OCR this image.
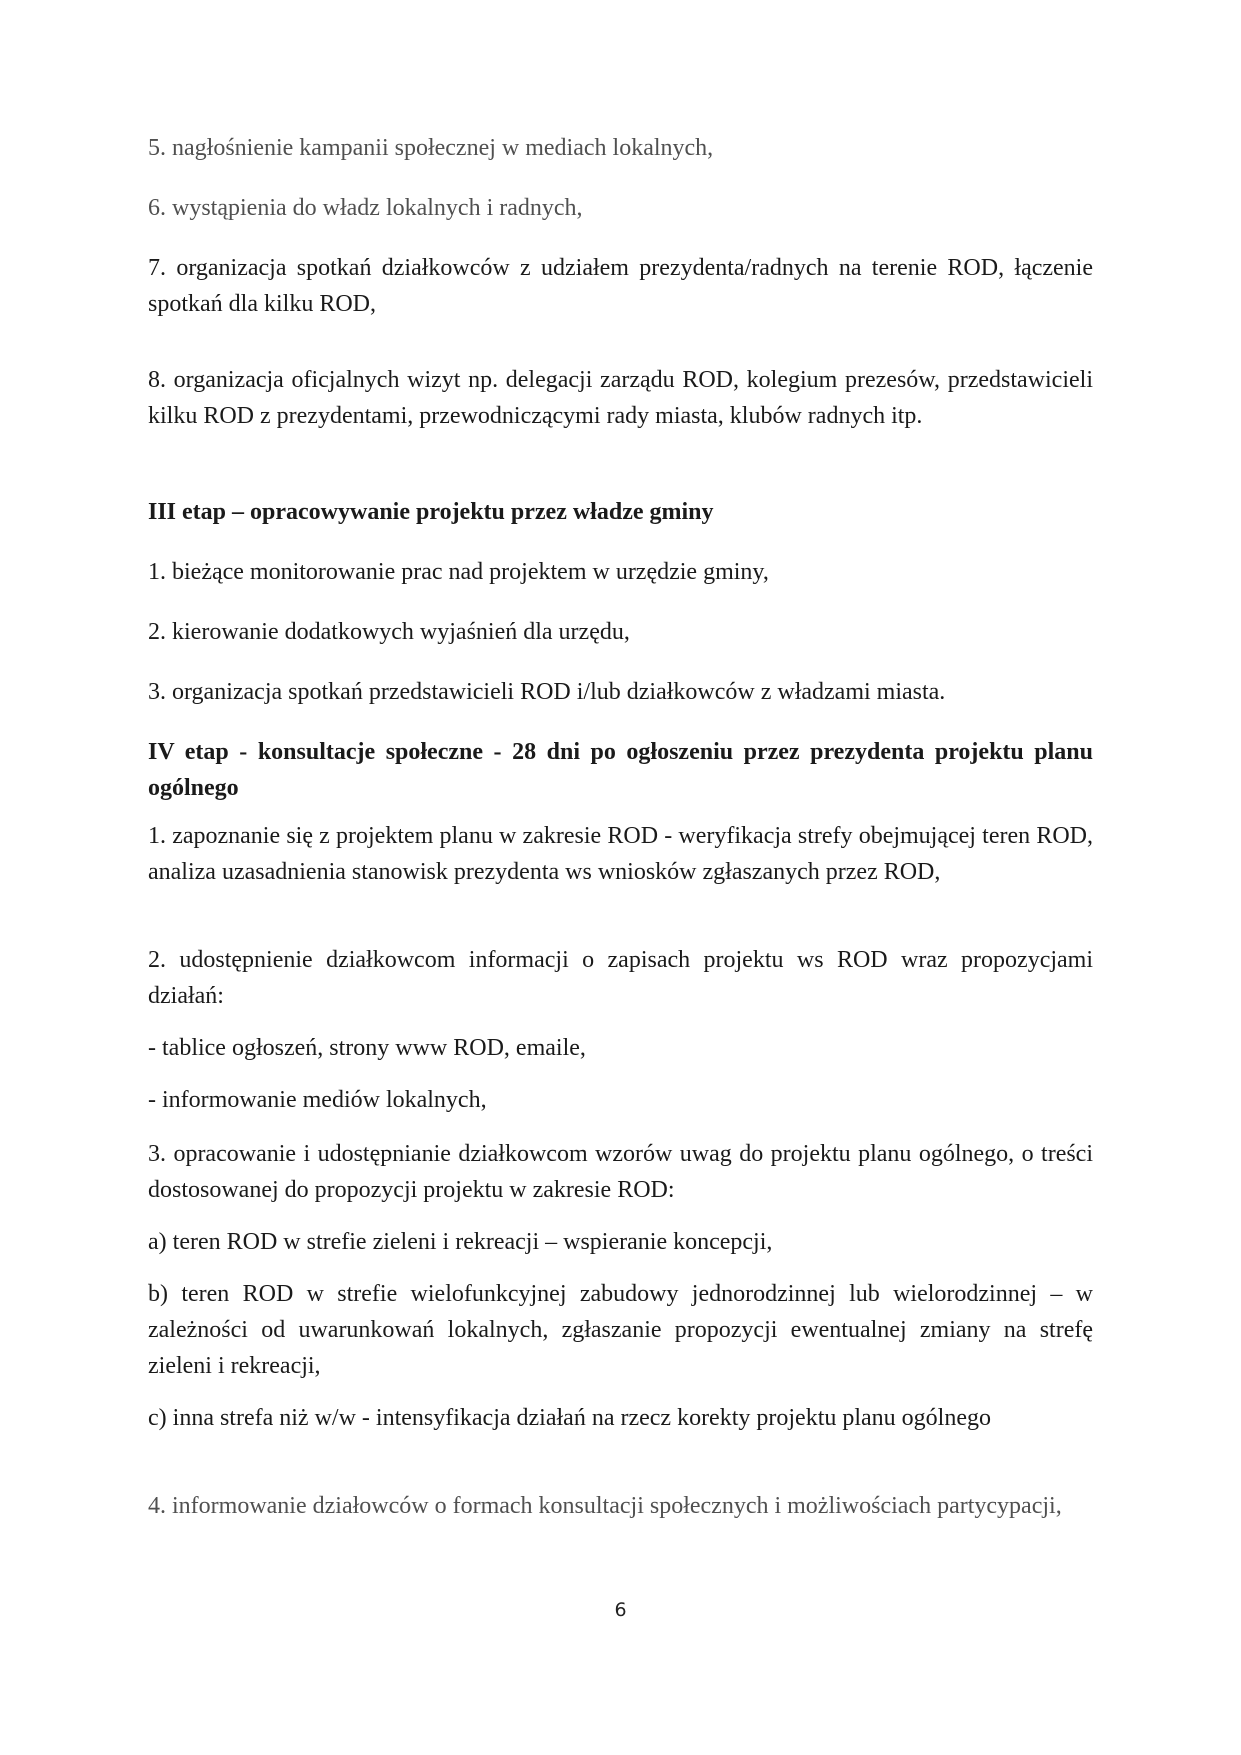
5. nagłośnienie kampanii społecznej w mediach lokalnych,

6. wystąpienia do władz lokalnych i radnych,

7. organizacja spotkań działkowców z udziałem prezydenta/radnych na terenie ROD, łączenie spotkań dla kilku ROD,

8. organizacja oficjalnych wizyt np. delegacji zarządu ROD, kolegium prezesów, przedstawicieli kilku ROD z prezydentami, przewodniczącymi rady miasta, klubów radnych itp.

III etap – opracowywanie projektu przez władze gminy

1. bieżące monitorowanie prac nad projektem w urzędzie gminy,

2. kierowanie dodatkowych wyjaśnień dla urzędu,

3. organizacja spotkań przedstawicieli ROD i/lub działkowców z władzami miasta.

IV etap - konsultacje społeczne - 28 dni po ogłoszeniu przez prezydenta projektu planu ogólnego

1. zapoznanie się z projektem planu w zakresie ROD - weryfikacja strefy obejmującej teren ROD, analiza uzasadnienia stanowisk prezydenta ws wniosków zgłaszanych przez ROD,

2. udostępnienie działkowcom informacji o zapisach projektu ws ROD wraz propozycjami działań:

- tablice ogłoszeń, strony www ROD, emaile,

- informowanie mediów lokalnych,

3. opracowanie i udostępnianie działkowcom wzorów uwag do projektu planu ogólnego, o treści dostosowanej do propozycji projektu w zakresie ROD:

a) teren ROD w strefie zieleni i rekreacji – wspieranie koncepcji,

b) teren ROD w strefie wielofunkcyjnej zabudowy jednorodzinnej lub wielorodzinnej – w zależności od uwarunkowań lokalnych, zgłaszanie propozycji ewentualnej zmiany na strefę zieleni i rekreacji,

c) inna strefa niż w/w - intensyfikacja działań na rzecz korekty projektu planu ogólnego

4. informowanie działowców o formach konsultacji społecznych i możliwościach partycypacji,

6
